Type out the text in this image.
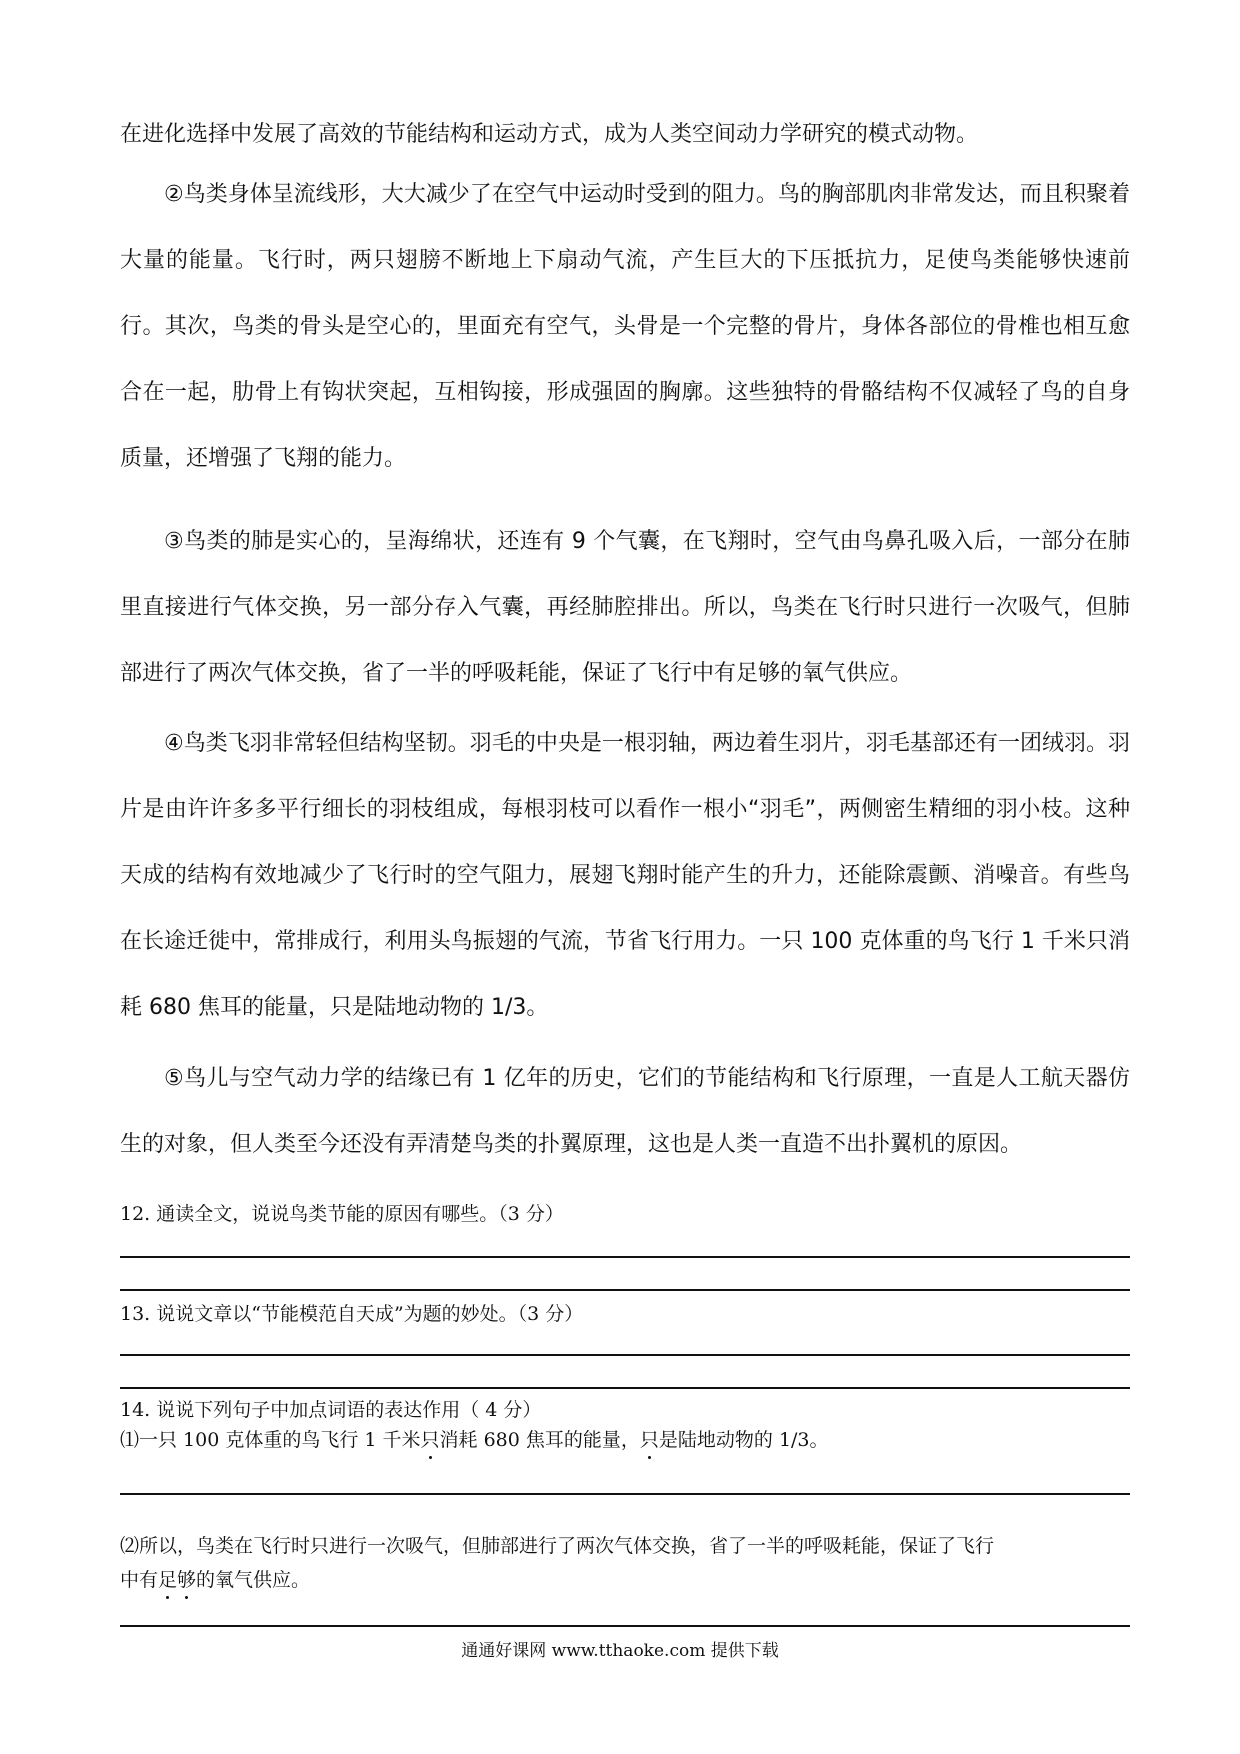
在进化选择中发展了高效的节能结构和运动方式，成为人类空间动力学研究的模式动物。
②鸟类身体呈流线形，大大减少了在空气中运动时受到的阻力。鸟的胸部肌肉非常发达，而且积聚着大量的能量。飞行时，两只翅膀不断地上下扇动气流，产生巨大的下压抵抗力，足使鸟类能够快速前行。其次，鸟类的骨头是空心的，里面充有空气，头骨是一个完整的骨片，身体各部位的骨椎也相互愈合在一起，肋骨上有钩状突起，互相钩接，形成强固的胸廓。这些独特的骨骼结构不仅减轻了鸟的自身质量，还增强了飞翔的能力。
③鸟类的肺是实心的，呈海绵状，还连有 9 个气囊，在飞翔时，空气由鸟鼻孔吸入后，一部分在肺里直接进行气体交换，另一部分存入气囊，再经肺腔排出。所以，鸟类在飞行时只进行一次吸气，但肺部进行了两次气体交换，省了一半的呼吸耗能，保证了飞行中有足够的氧气供应。
④鸟类飞羽非常轻但结构坚韧。羽毛的中央是一根羽轴，两边着生羽片，羽毛基部还有一团绒羽。羽片是由许许多多平行细长的羽枝组成，每根羽枝可以看作一根小“羽毛”，两侧密生精细的羽小枝。这种天成的结构有效地减少了飞行时的空气阻力，展翅飞翔时能产生的升力，还能除震颤、消噪音。有些鸟在长途迁徙中，常排成行，利用头鸟振翅的气流，节省飞行用力。一只 100 克体重的鸟飞行 1 千米只消耗 680 焦耳的能量，只是陆地动物的 1/3。
⑤鸟儿与空气动力学的结缘已有 1 亿年的历史，它们的节能结构和飞行原理，一直是人工航天器仿生的对象，但人类至今还没有弄清楚鸟类的扑翼原理，这也是人类一直造不出扑翼机的原因。
12. 通读全文，说说鸟类节能的原因有哪些。（3 分）
13. 说说文章以“节能模范自天成”为题的妙处。（3 分）
14. 说说下列句子中加点词语的表达作用（ 4 分）
⑴一只 100 克体重的鸟飞行 1 千米只消耗 680 焦耳的能量，只是陆地动物的 1/3。
⑵所以，鸟类在飞行时只进行一次吸气，但肺部进行了两次气体交换，省了一半的呼吸耗能，保证了飞行
中有足够的氧气供应。
通通好课网 www.tthaoke.com 提供下载
